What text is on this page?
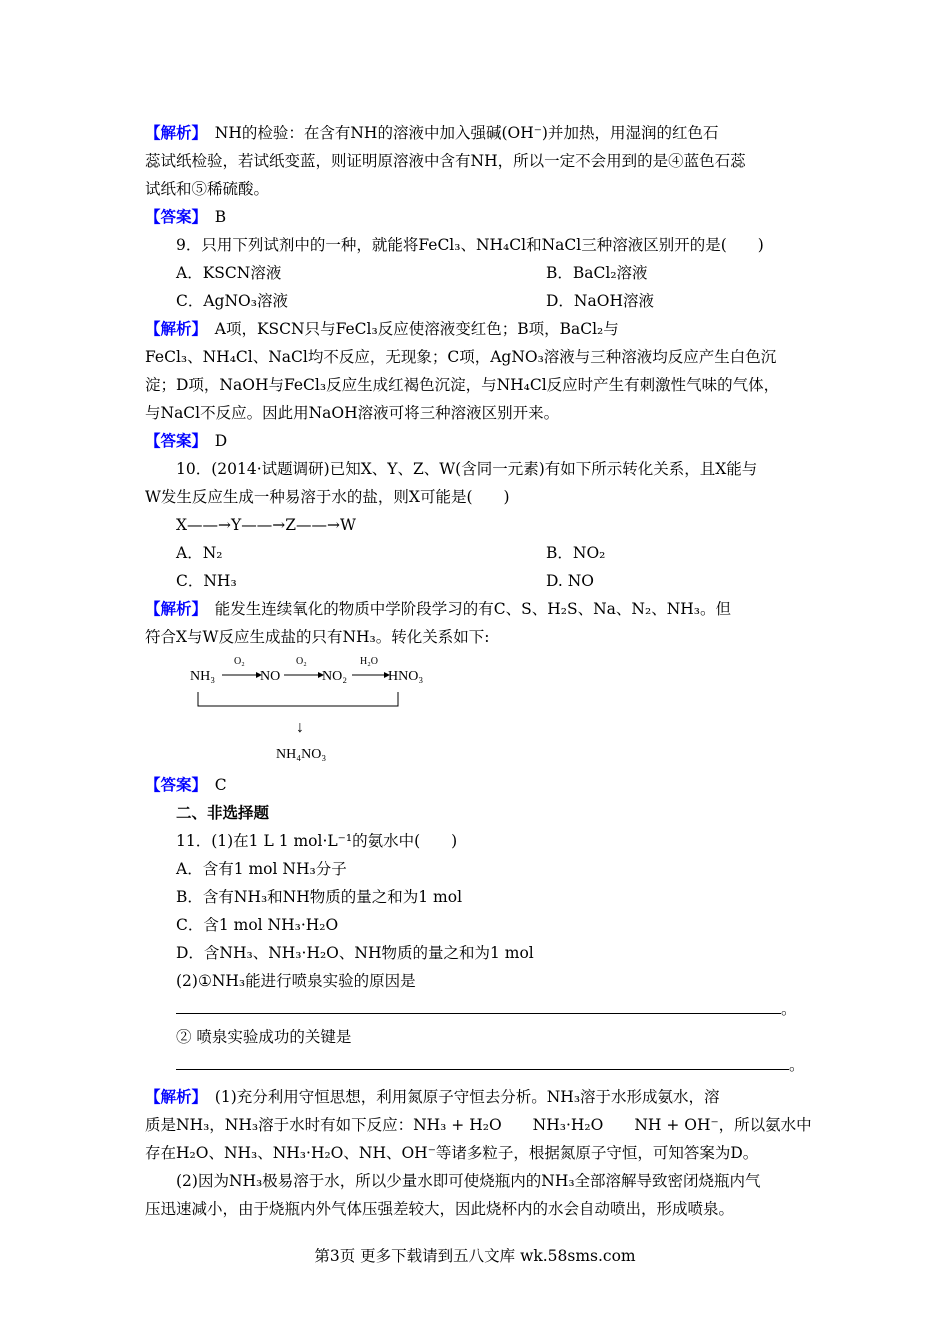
【解析】　 NH的检验：在含有NH的溶液中加入强碱(OH⁻)并加热，用湿润的红色石
蕊试纸检验，若试纸变蓝，则证明原溶液中含有NH，所以一定不会用到的是④蓝色石蕊
试纸和⑤稀硫酸。
【答案】　 B
9．只用下列试剂中的一种，就能将FeCl₃、NH₄Cl和NaCl三种溶液区别开的是(　　)
A．KSCN溶液	B．BaCl₂溶液
C．AgNO₃溶液	D．NaOH溶液
【解析】　 A项，KSCN只与FeCl₃反应使溶液变红色；B项，BaCl₂与
FeCl₃、NH₄Cl、NaCl均不反应，无现象；C项，AgNO₃溶液与三种溶液均反应产生白色沉
淀；D项，NaOH与FeCl₃反应生成红褐色沉淀，与NH₄Cl反应时产生有刺激性气味的气体，
与NaCl不反应。因此用NaOH溶液可将三种溶液区别开来。
【答案】　 D
10．(2014·试题调研)已知X、Y、Z、W(含同一元素)有如下所示转化关系，且X能与
W发生反应生成一种易溶于水的盐，则X可能是(　　)
X——→Y——→Z——→W
A．N₂	B．NO₂
C．NH₃	D. NO
【解析】　 能发生连续氧化的物质中学阶段学习的有C、S、H₂S、Na、N₂、NH₃。但
符合X与W反应生成盐的只有NH₃。转化关系如下:
NH₃
O₂
NO
O₂
NO₂
H₂O
HNO₃
↓
NH₄NO₃
【答案】　 C
二、非选择题
11．(1)在1 L 1 mol·L⁻¹的氨水中(　　)
A．含有1 mol NH₃分子
B．含有NH₃和NH物质的量之和为1 mol
C．含1 mol NH₃·H₂O
D．含NH₃、NH₃·H₂O、NH物质的量之和为1 mol
(2)①NH₃能进行喷泉实验的原因是
。
② 喷泉实验成功的关键是
。
【解析】　 (1)充分利用守恒思想，利用氮原子守恒去分析。NH₃溶于水形成氨水，溶
质是NH₃，NH₃溶于水时有如下反应：NH₃ + H₂O　　NH₃·H₂O　　NH + OH⁻，所以氨水中
存在H₂O、NH₃、NH₃·H₂O、NH、OH⁻等诸多粒子，根据氮原子守恒，可知答案为D。
(2)因为NH₃极易溶于水，所以少量水即可使烧瓶内的NH₃全部溶解导致密闭烧瓶内气
压迅速减小，由于烧瓶内外气体压强差较大，因此烧杯内的水会自动喷出，形成喷泉。
第3页 更多下载请到五八文库 wk.58sms.com
